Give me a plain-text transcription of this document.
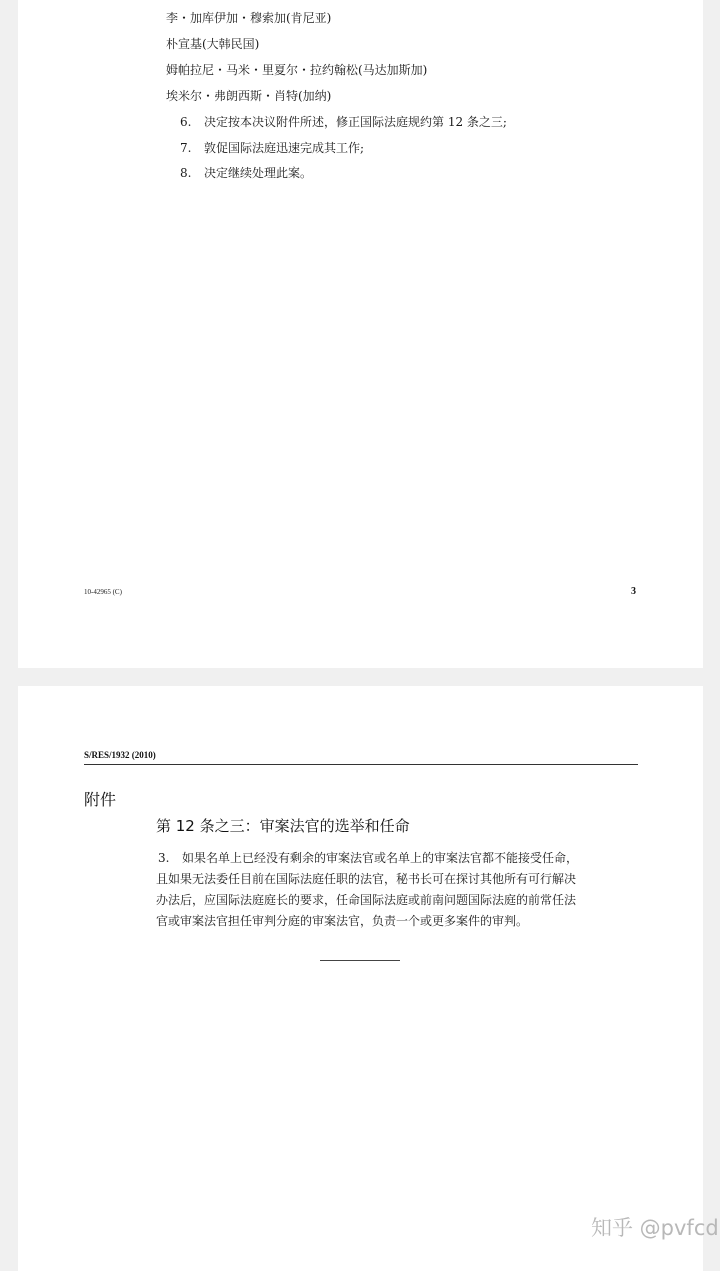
李・加库伊加・穆索加(肯尼亚)
朴宣基(大韩民国)
姆帕拉尼・马米・里夏尔・拉约翰松(马达加斯加)
埃米尔・弗朗西斯・肖特(加纳)
6. 决定按本决议附件所述，修正国际法庭规约第 12 条之三;
7. 敦促国际法庭迅速完成其工作;
8. 决定继续处理此案。
10-42965 (C)	3
S/RES/1932 (2010)
附件
第 12 条之三：审案法官的选举和任命
3. 如果名单上已经没有剩余的审案法官或名单上的审案法官都不能接受任命，
且如果无法委任目前在国际法庭任职的法官，秘书长可在探讨其他所有可行解决
办法后，应国际法庭庭长的要求，任命国际法庭或前南问题国际法庭的前常任法
官或审案法官担任审判分庭的审案法官，负责一个或更多案件的审判。
知乎 @pvfcd
